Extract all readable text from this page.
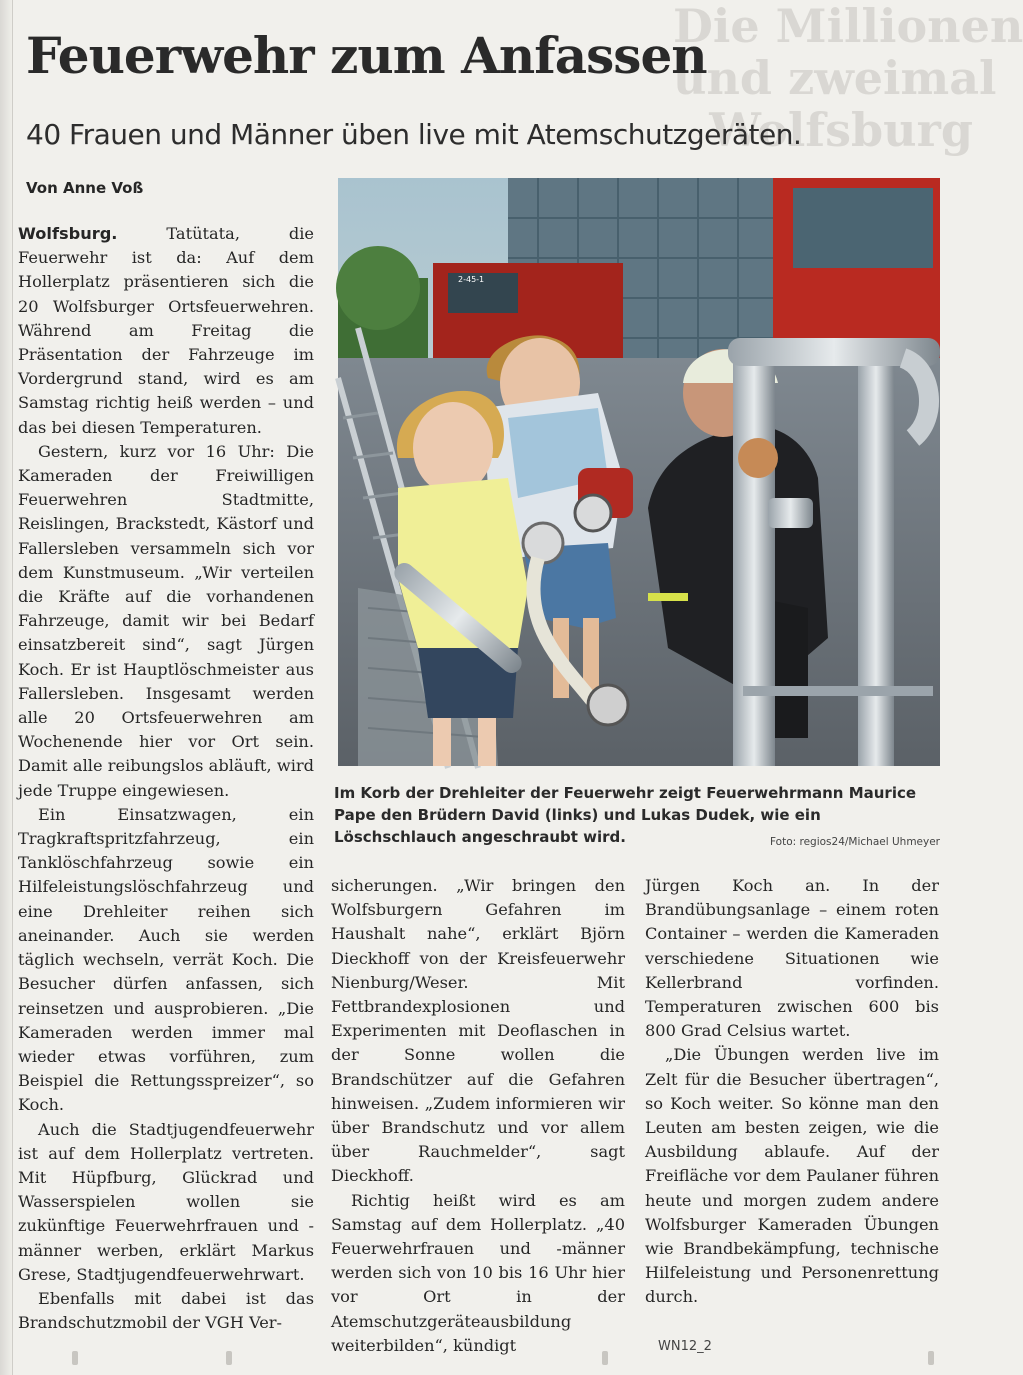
Die Millionen
und zweimal
Wolfsburg
Feuerwehr zum Anfassen
40 Frauen und Männer üben live mit Atemschutzgeräten.
Von Anne Voß

Wolfsburg.	Tatütata, die Feuerwehr ist da: Auf dem Hollerplatz präsentieren sich die 20 Wolfsburger Ortsfeuerwehren. Während am Freitag die Präsentation der Fahrzeuge im Vordergrund stand, wird es am Samstag richtig heiß werden – und das bei diesen Temperaturen.

Gestern, kurz vor 16 Uhr: Die Kameraden der Freiwilligen Feuerwehren Stadtmitte, Reislingen, Brackstedt, Kästorf und Fallersleben versammeln sich vor dem Kunstmuseum. „Wir verteilen die Kräfte auf die vorhandenen Fahrzeuge, damit wir bei Bedarf einsatzbereit sind“, sagt Jürgen Koch. Er ist Hauptlöschmeister aus Fallersleben. Insgesamt werden alle 20 Ortsfeuerwehren am Wochenende hier vor Ort sein. Damit alle reibungslos abläuft, wird jede Truppe eingewiesen.

Ein Einsatzwagen, ein Tragkraftspritzfahrzeug, ein Tanklöschfahrzeug sowie ein Hilfeleistungslöschfahrzeug und eine Drehleiter reihen sich aneinander. Auch sie werden täglich wechseln, verrät Koch. Die Besucher dürfen anfassen, sich reinsetzen und ausprobieren. „Die Kameraden werden immer mal wieder etwas vorführen, zum Beispiel die Rettungsspreizer“, so Koch.

Auch die Stadtjugendfeuerwehr ist auf dem Hollerplatz vertreten. Mit Hüpfburg, Glückrad und Wasserspielen wollen sie zukünftige Feuerwehrfrauen und -männer werben, erklärt Markus Grese, Stadtjugendfeuerwehrwart.

Ebenfalls mit dabei ist das Brandschutzmobil der VGH Ver-

2-45-1
Im Korb der Drehleiter der Feuerwehr zeigt Feuerwehrmann Maurice Pape den Brüdern David (links) und Lukas Dudek, wie ein Löschschlauch angeschraubt wird.	Foto: regios24/Michael Uhmeyer

sicherungen. „Wir bringen den Wolfsburgern Gefahren im Haushalt nahe“, erklärt Björn Dieckhoff von der Kreisfeuerwehr Nienburg/Weser. Mit Fettbrandexplosionen und Experimenten mit Deoflaschen in der Sonne wollen die Brandschützer auf die Gefahren hinweisen. „Zudem informieren wir über Brandschutz und vor allem über Rauchmelder“, sagt Dieckhoff.

Richtig heißt wird es am Samstag auf dem Hollerplatz. „40 Feuerwehrfrauen und -männer werden sich von 10 bis 16 Uhr hier vor Ort in der Atemschutzgeräteausbildung weiterbilden“, kündigt

Jürgen Koch an. In der Brandübungsanlage – einem roten Container – werden die Kameraden verschiedene Situationen wie Kellerbrand vorfinden. Temperaturen zwischen 600 bis 800 Grad Celsius wartet.

„Die Übungen werden live im Zelt für die Besucher übertragen“, so Koch weiter. So könne man den Leuten am besten zeigen, wie die Ausbildung ablaufe. Auf der Freifläche vor dem Paulaner führen heute und morgen zudem andere Wolfsburger Kameraden Übungen wie Brandbekämpfung, technische Hilfeleistung und Personenrettung durch.

WN12_2
